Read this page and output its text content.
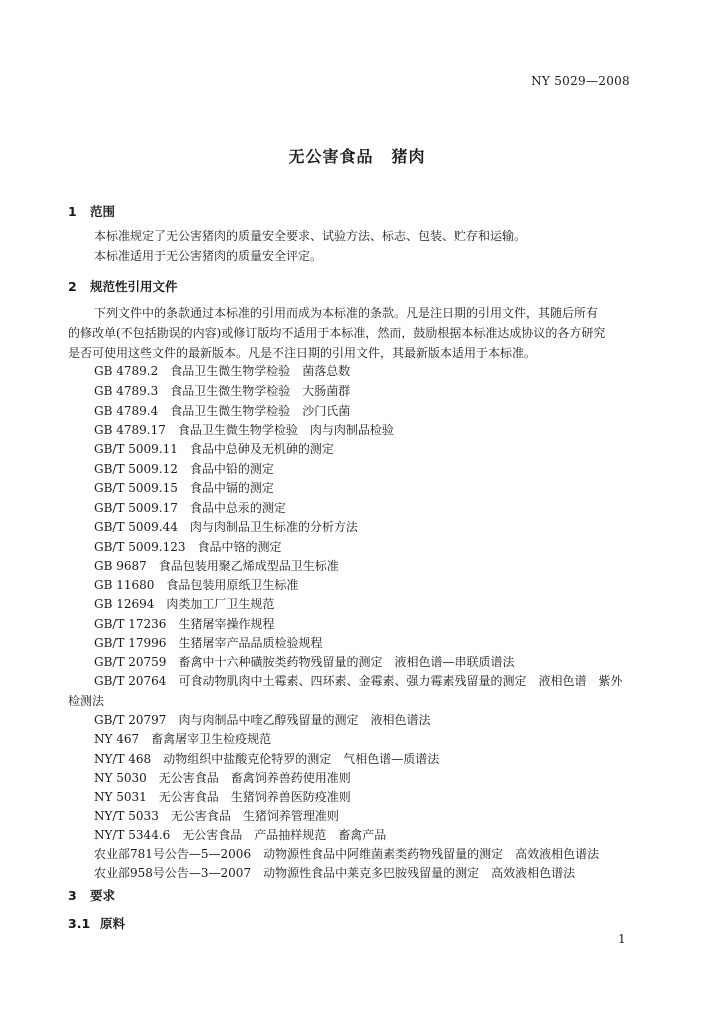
NY 5029—2008
无公害食品 猪肉
1 范围
本标准规定了无公害猪肉的质量安全要求、试验方法、标志、包装、贮存和运输。
本标准适用于无公害猪肉的质量安全评定。
2 规范性引用文件
下列文件中的条款通过本标准的引用而成为本标准的条款。凡是注日期的引用文件，其随后所有
的修改单(不包括勘误的内容)或修订版均不适用于本标准，然而，鼓励根据本标准达成协议的各方研究
是否可使用这些文件的最新版本。凡是不注日期的引用文件，其最新版本适用于本标准。
GB 4789.2 食品卫生微生物学检验　菌落总数
GB 4789.3 食品卫生微生物学检验　大肠菌群
GB 4789.4 食品卫生微生物学检验　沙门氏菌
GB 4789.17 食品卫生微生物学检验　肉与肉制品检验
GB/T 5009.11 食品中总砷及无机砷的测定
GB/T 5009.12 食品中铅的测定
GB/T 5009.15 食品中镉的测定
GB/T 5009.17 食品中总汞的测定
GB/T 5009.44 肉与肉制品卫生标准的分析方法
GB/T 5009.123 食品中铬的测定
GB 9687 食品包装用聚乙烯成型品卫生标准
GB 11680 食品包装用原纸卫生标准
GB 12694 肉类加工厂卫生规范
GB/T 17236 生猪屠宰操作规程
GB/T 17996 生猪屠宰产品品质检验规程
GB/T 20759 畜禽中十六种磺胺类药物残留量的测定　液相色谱—串联质谱法
GB/T 20764 可食动物肌肉中土霉素、四环素、金霉素、强力霉素残留量的测定　液相色谱　紫外
检测法
GB/T 20797 肉与肉制品中喹乙醇残留量的测定　液相色谱法
NY 467 畜禽屠宰卫生检疫规范
NY/T 468 动物组织中盐酸克伦特罗的测定　气相色谱—质谱法
NY 5030 无公害食品　畜禽饲养兽药使用准则
NY 5031 无公害食品　生猪饲养兽医防疫准则
NY/T 5033 无公害食品　生猪饲养管理准则
NY/T 5344.6 无公害食品　产品抽样规范　畜禽产品
农业部781号公告—5—2006 动物源性食品中阿维菌素类药物残留量的测定　高效液相色谱法
农业部958号公告—3—2007 动物源性食品中莱克多巴胺残留量的测定　高效液相色谱法
3 要求
3.1 原料
1
